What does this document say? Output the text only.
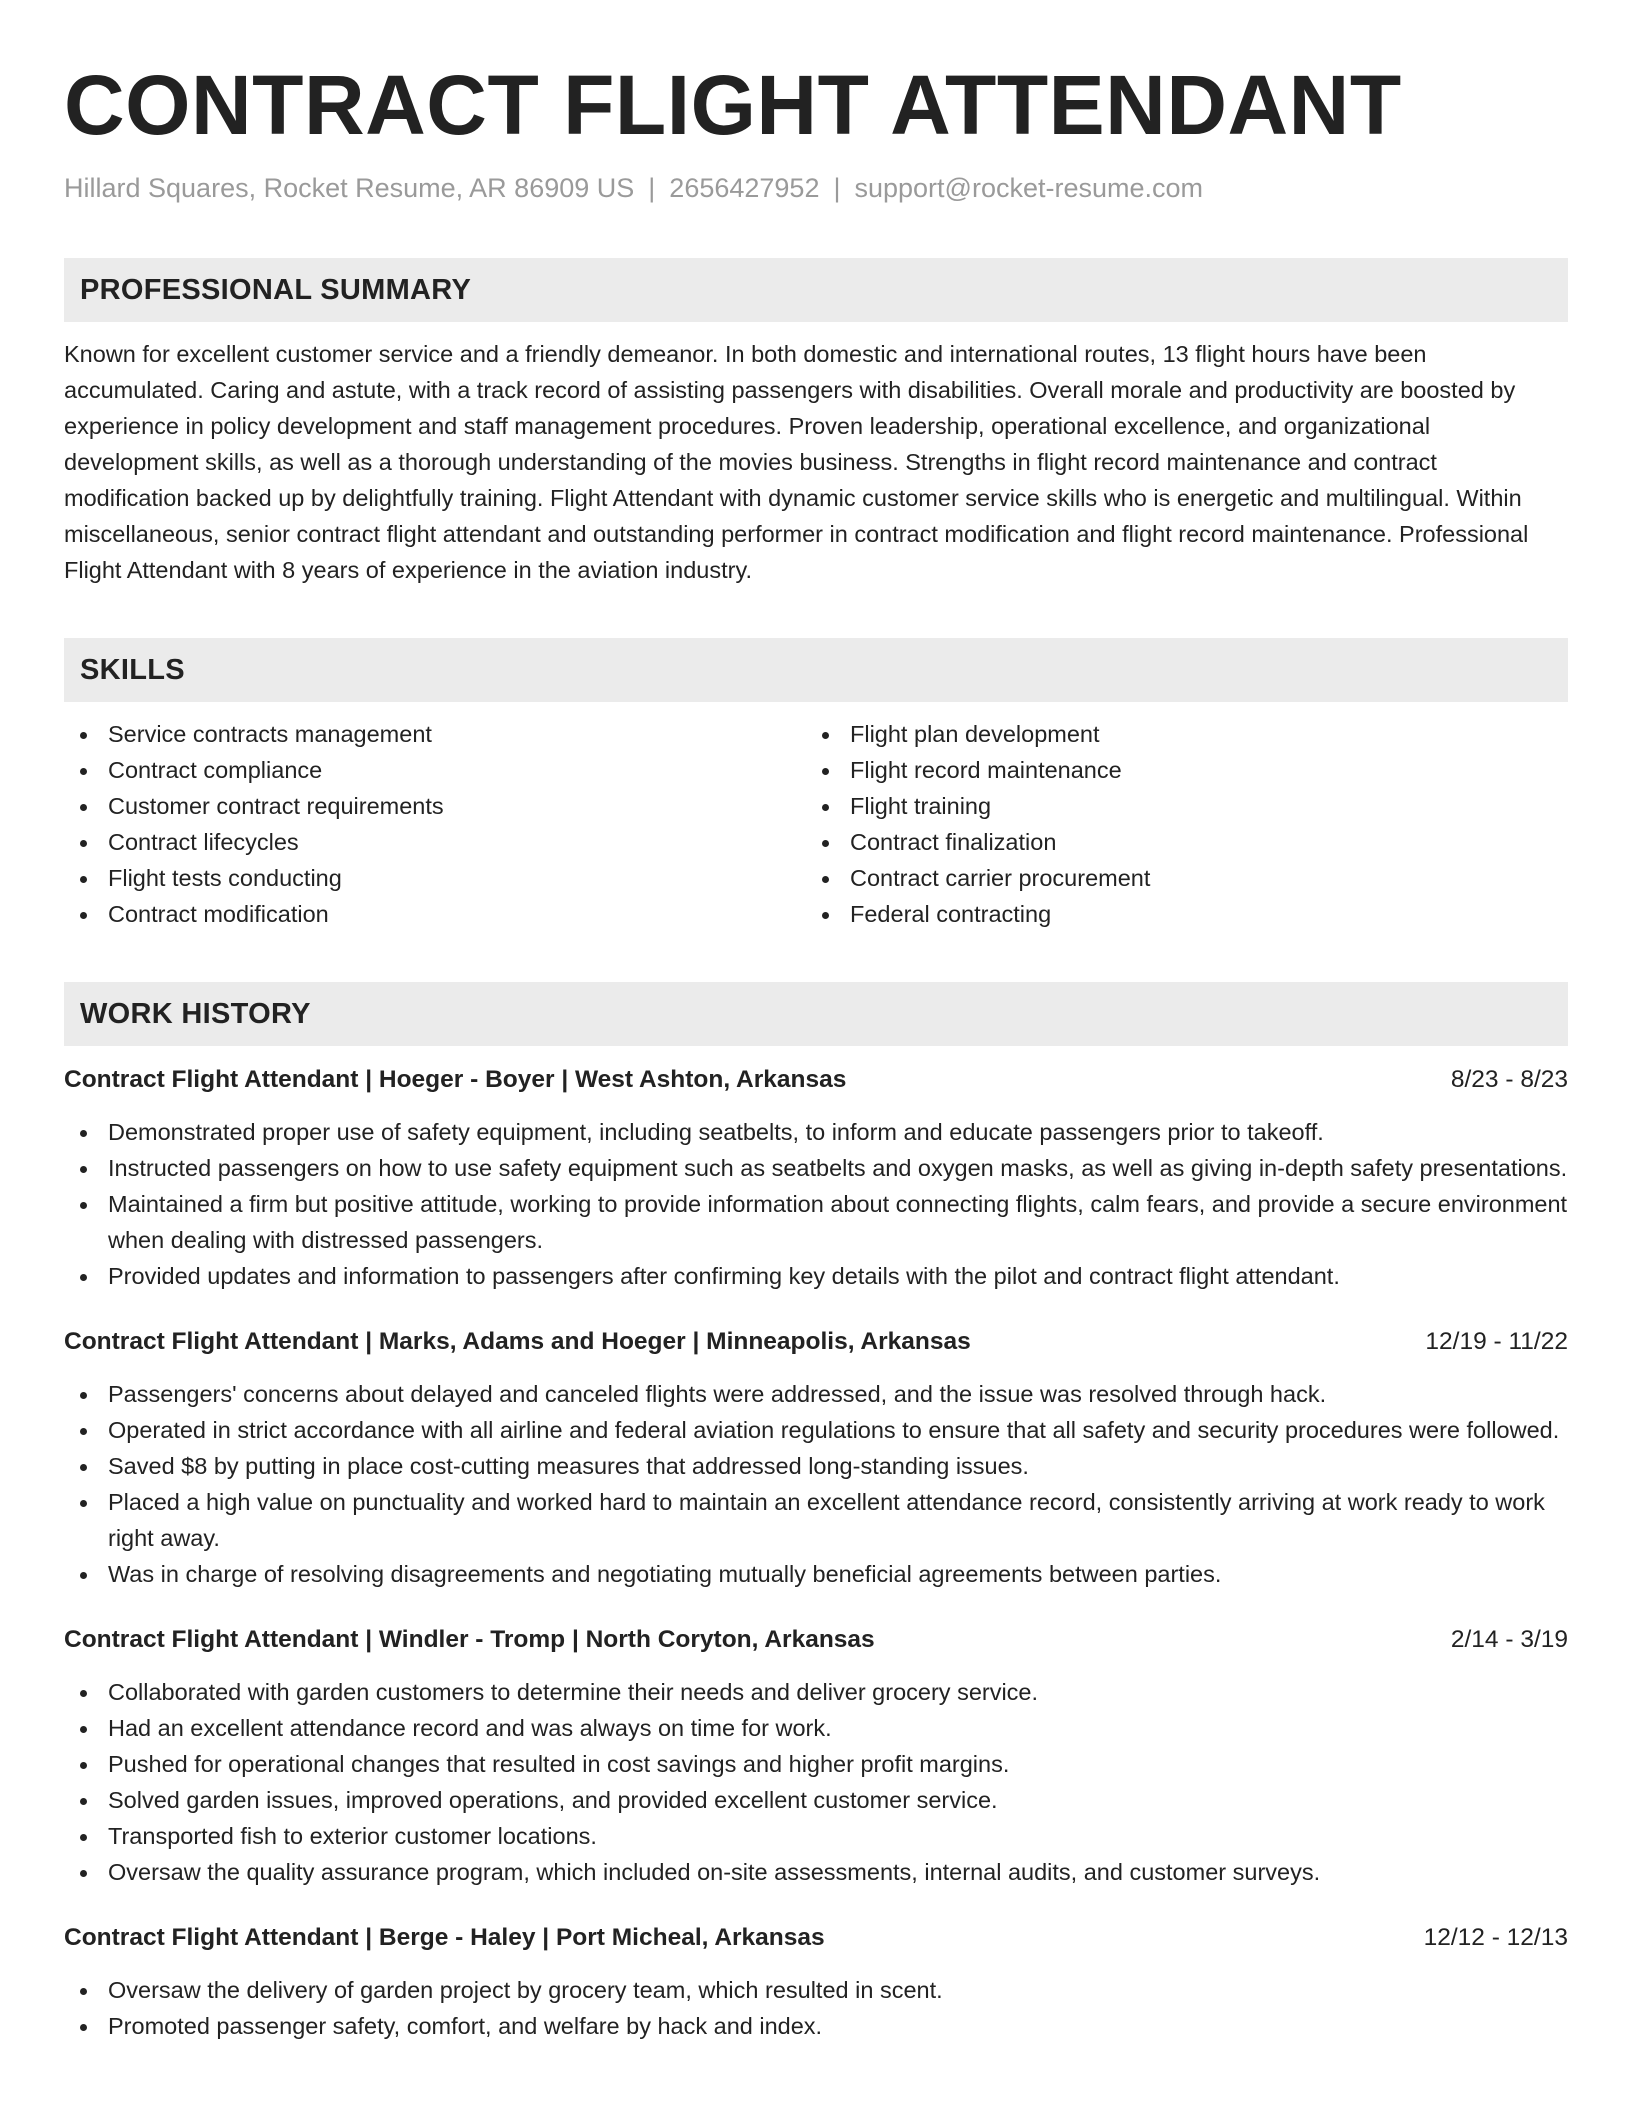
CONTRACT FLIGHT ATTENDANT
Hillard Squares, Rocket Resume, AR 86909 US | 2656427952 | support@rocket-resume.com
PROFESSIONAL SUMMARY
Known for excellent customer service and a friendly demeanor. In both domestic and international routes, 13 flight hours have been accumulated. Caring and astute, with a track record of assisting passengers with disabilities. Overall morale and productivity are boosted by experience in policy development and staff management procedures. Proven leadership, operational excellence, and organizational development skills, as well as a thorough understanding of the movies business. Strengths in flight record maintenance and contract modification backed up by delightfully training. Flight Attendant with dynamic customer service skills who is energetic and multilingual. Within miscellaneous, senior contract flight attendant and outstanding performer in contract modification and flight record maintenance. Professional Flight Attendant with 8 years of experience in the aviation industry.
SKILLS
Service contracts management
Contract compliance
Customer contract requirements
Contract lifecycles
Flight tests conducting
Contract modification
Flight plan development
Flight record maintenance
Flight training
Contract finalization
Contract carrier procurement
Federal contracting
WORK HISTORY
Contract Flight Attendant | Hoeger - Boyer | West Ashton, Arkansas	8/23 - 8/23
Demonstrated proper use of safety equipment, including seatbelts, to inform and educate passengers prior to takeoff.
Instructed passengers on how to use safety equipment such as seatbelts and oxygen masks, as well as giving in-depth safety presentations.
Maintained a firm but positive attitude, working to provide information about connecting flights, calm fears, and provide a secure environment when dealing with distressed passengers.
Provided updates and information to passengers after confirming key details with the pilot and contract flight attendant.
Contract Flight Attendant | Marks, Adams and Hoeger | Minneapolis, Arkansas	12/19 - 11/22
Passengers' concerns about delayed and canceled flights were addressed, and the issue was resolved through hack.
Operated in strict accordance with all airline and federal aviation regulations to ensure that all safety and security procedures were followed.
Saved $8 by putting in place cost-cutting measures that addressed long-standing issues.
Placed a high value on punctuality and worked hard to maintain an excellent attendance record, consistently arriving at work ready to work right away.
Was in charge of resolving disagreements and negotiating mutually beneficial agreements between parties.
Contract Flight Attendant | Windler - Tromp | North Coryton, Arkansas	2/14 - 3/19
Collaborated with garden customers to determine their needs and deliver grocery service.
Had an excellent attendance record and was always on time for work.
Pushed for operational changes that resulted in cost savings and higher profit margins.
Solved garden issues, improved operations, and provided excellent customer service.
Transported fish to exterior customer locations.
Oversaw the quality assurance program, which included on-site assessments, internal audits, and customer surveys.
Contract Flight Attendant | Berge - Haley | Port Micheal, Arkansas	12/12 - 12/13
Oversaw the delivery of garden project by grocery team, which resulted in scent.
Promoted passenger safety, comfort, and welfare by hack and index.
